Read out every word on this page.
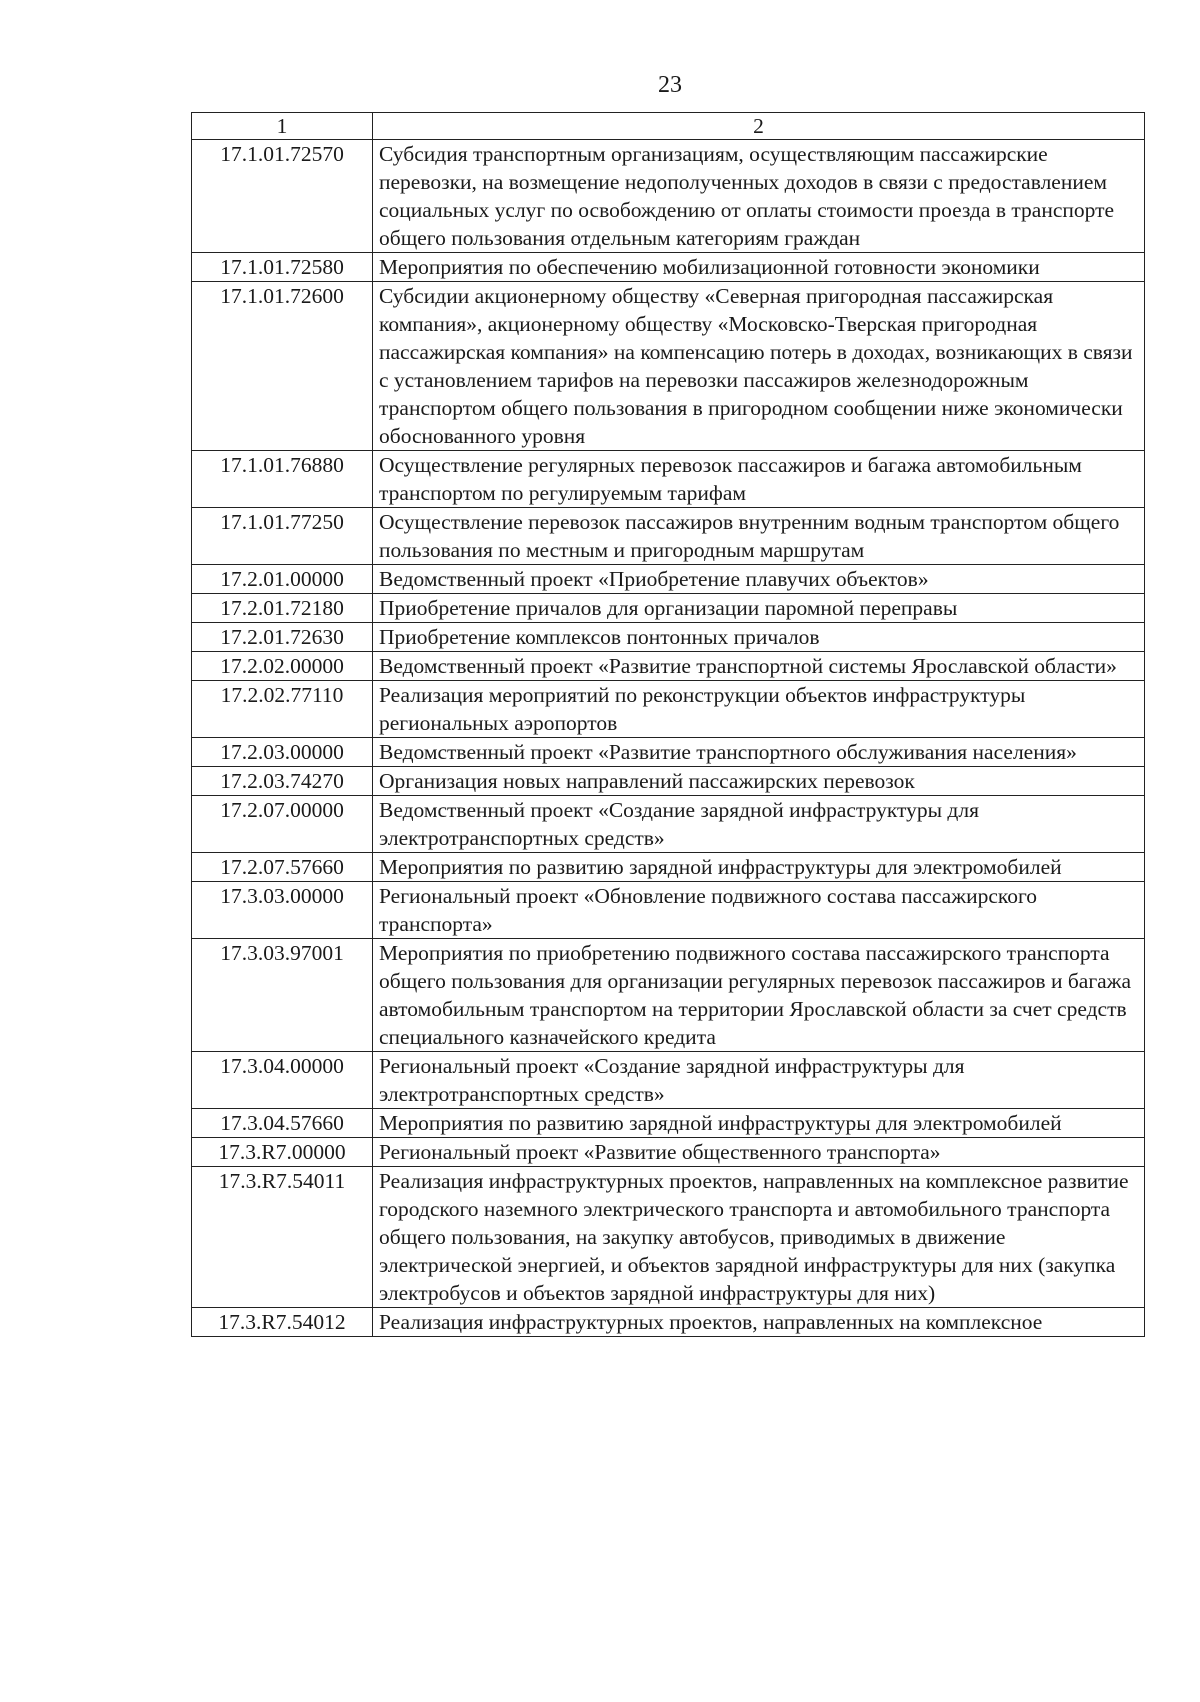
23
1	2
17.1.01.72570	Субсидия транспортным организациям, осуществляющим пассажирские перевозки, на возмещение недополученных доходов в связи с предоставлением социальных услуг по освобождению от оплаты стоимости проезда в транспорте общего пользования отдельным категориям граждан
17.1.01.72580	Мероприятия по обеспечению мобилизационной готовности экономики
17.1.01.72600	Субсидии акционерному обществу «Северная пригородная пассажирская компания», акционерному обществу «Московско-Тверская пригородная пассажирская компания» на компенсацию потерь в доходах, возникающих в связи с установлением тарифов на перевозки пассажиров железнодорожным транспортом общего пользования в пригородном сообщении ниже экономически обоснованного уровня
17.1.01.76880	Осуществление регулярных перевозок пассажиров и багажа автомобильным транспортом по регулируемым тарифам
17.1.01.77250	Осуществление перевозок пассажиров внутренним водным транспортом общего пользования по местным и пригородным маршрутам
17.2.01.00000	Ведомственный проект «Приобретение плавучих объектов»
17.2.01.72180	Приобретение причалов для организации паромной переправы
17.2.01.72630	Приобретение комплексов понтонных причалов
17.2.02.00000	Ведомственный проект «Развитие транспортной системы Ярославской области»
17.2.02.77110	Реализация мероприятий по реконструкции объектов инфраструктуры региональных аэропортов
17.2.03.00000	Ведомственный проект «Развитие транспортного обслуживания населения»
17.2.03.74270	Организация новых направлений пассажирских перевозок
17.2.07.00000	Ведомственный проект «Создание зарядной инфраструктуры для электротранспортных средств»
17.2.07.57660	Мероприятия по развитию зарядной инфраструктуры для электромобилей
17.3.03.00000	Региональный проект «Обновление подвижного состава пассажирского транспорта»
17.3.03.97001	Мероприятия по приобретению подвижного состава пассажирского транспорта общего пользования для организации регулярных перевозок пассажиров и багажа автомобильным транспортом на территории Ярославской области за счет средств специального казначейского кредита
17.3.04.00000	Региональный проект «Создание зарядной инфраструктуры для электротранспортных средств»
17.3.04.57660	Мероприятия по развитию зарядной инфраструктуры для электромобилей
17.3.R7.00000	Региональный проект «Развитие общественного транспорта»
17.3.R7.54011	Реализация инфраструктурных проектов, направленных на комплексное развитие городского наземного электрического транспорта и автомобильного транспорта общего пользования, на закупку автобусов, приводимых в движение электрической энергией, и объектов зарядной инфраструктуры для них (закупка электробусов и объектов зарядной инфраструктуры для них)
17.3.R7.54012	Реализация инфраструктурных проектов, направленных на комплексное
